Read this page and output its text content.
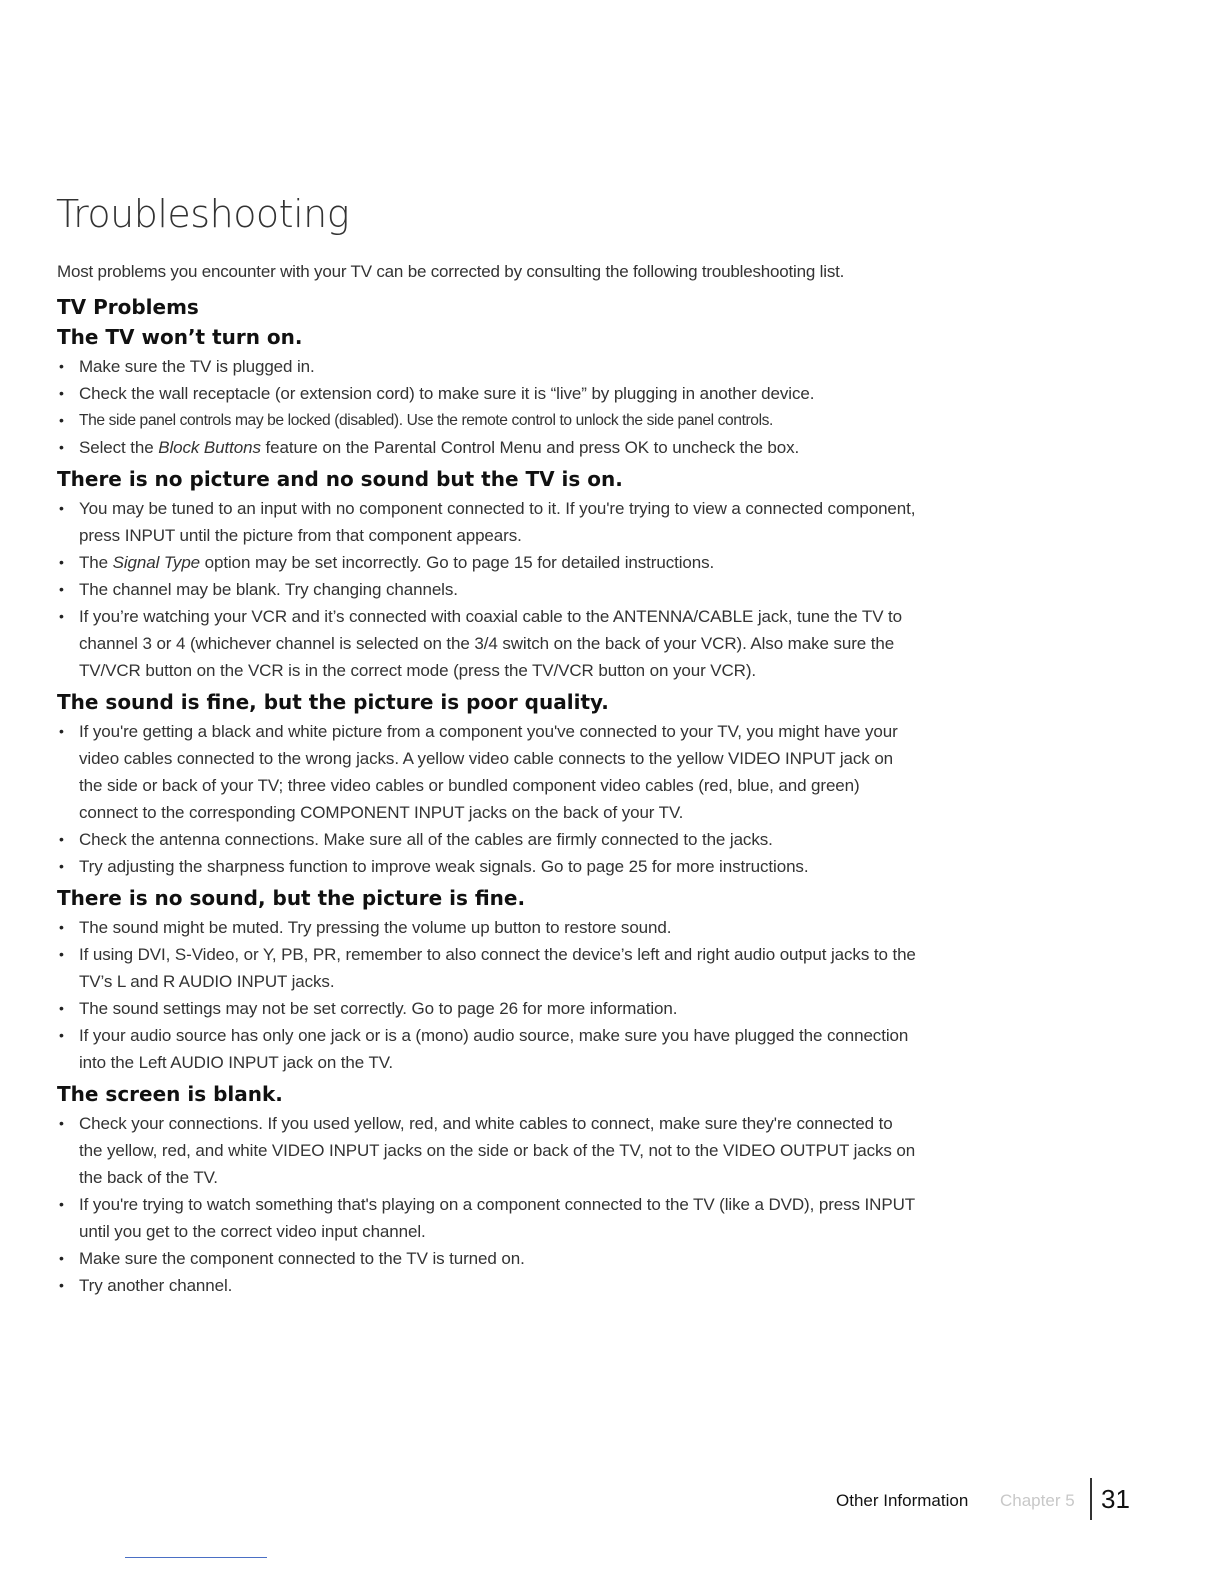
Troubleshooting

Most problems you encounter with your TV can be corrected by consulting the following troubleshooting list.

TV Problems
The TV won’t turn on.
• Make sure the TV is plugged in.
• Check the wall receptacle (or extension cord) to make sure it is “live” by plugging in another device.
• The side panel controls may be locked (disabled). Use the remote control to unlock the side panel controls.
• Select the Block Buttons feature on the Parental Control Menu and press OK to uncheck the box.
There is no picture and no sound but the TV is on.
• You may be tuned to an input with no component connected to it. If you're trying to view a connected component, press INPUT until the picture from that component appears.
• The Signal Type option may be set incorrectly. Go to page 15 for detailed instructions.
• The channel may be blank. Try changing channels.
• If you’re watching your VCR and it’s connected with coaxial cable to the ANTENNA/CABLE jack, tune the TV to channel 3 or 4 (whichever channel is selected on the 3/4 switch on the back of your VCR). Also make sure the TV/VCR button on the VCR is in the correct mode (press the TV/VCR button on your VCR).
The sound is fine, but the picture is poor quality.
• If you're getting a black and white picture from a component you've connected to your TV, you might have your video cables connected to the wrong jacks. A yellow video cable connects to the yellow VIDEO INPUT jack on the side or back of your TV; three video cables or bundled component video cables (red, blue, and green) connect to the corresponding COMPONENT INPUT jacks on the back of your TV.
• Check the antenna connections. Make sure all of the cables are firmly connected to the jacks.
• Try adjusting the sharpness function to improve weak signals. Go to page 25 for more instructions.
There is no sound, but the picture is fine.
• The sound might be muted. Try pressing the volume up button to restore sound.
• If using DVI, S-Video, or Y, PB, PR, remember to also connect the device’s left and right audio output jacks to the TV’s L and R AUDIO INPUT jacks.
• The sound settings may not be set correctly. Go to page 26 for more information.
• If your audio source has only one jack or is a (mono) audio source, make sure you have plugged the connection into the Left AUDIO INPUT jack on the TV.
The screen is blank.
• Check your connections. If you used yellow, red, and white cables to connect, make sure they're connected to the yellow, red, and white VIDEO INPUT jacks on the side or back of the TV, not to the VIDEO OUTPUT jacks on the back of the TV.
• If you're trying to watch something that's playing on a component connected to the TV (like a DVD), press INPUT until you get to the correct video input channel.
• Make sure the component connected to the TV is turned on.
• Try another channel.
Other Information Chapter 5 31
